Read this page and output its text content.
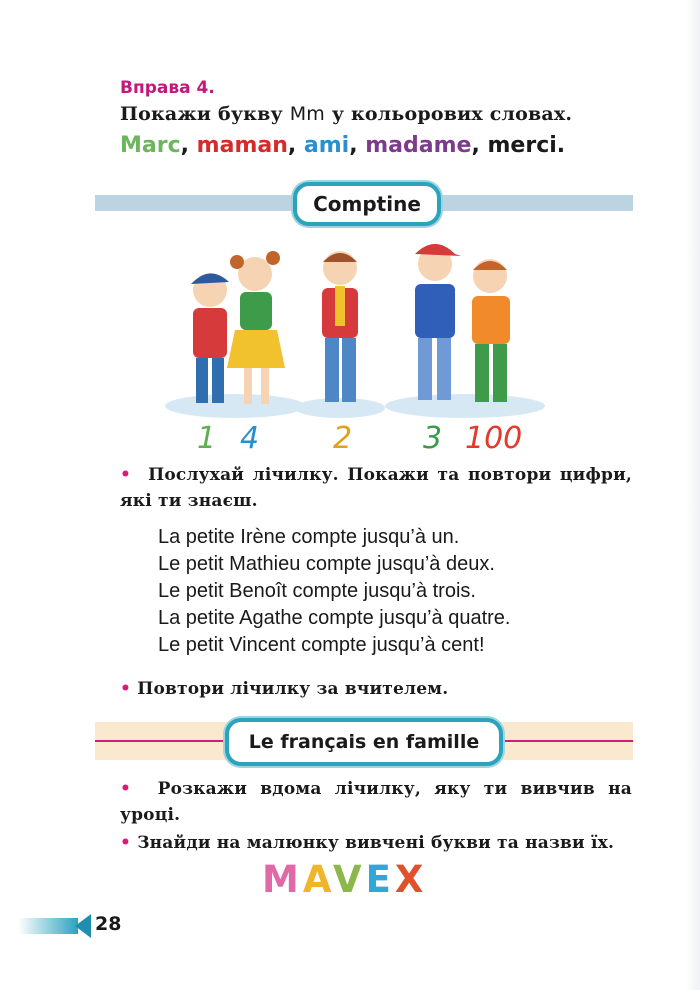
Вправа 4.
Покажи букву Mm у кольорових словах.
Marc, maman, ami, madame, merci.
Comptine
1 4 2 3 100
• Послухай лічилку. Покажи та повтори цифри, які ти знаєш.
La petite Irène compte jusqu’à un.
Le petit Mathieu compte jusqu’à deux.
Le petit Benoît compte jusqu’à trois.
La petite Agathe compte jusqu’à quatre.
Le petit Vincent compte jusqu’à cent!
• Повтори лічилку за вчителем.
Le français en famille
• Розкажи вдома лічилку, яку ти вивчив на уроці.
• Знайди на малюнку вивчені букви та назви їх.
MAVEX
28
